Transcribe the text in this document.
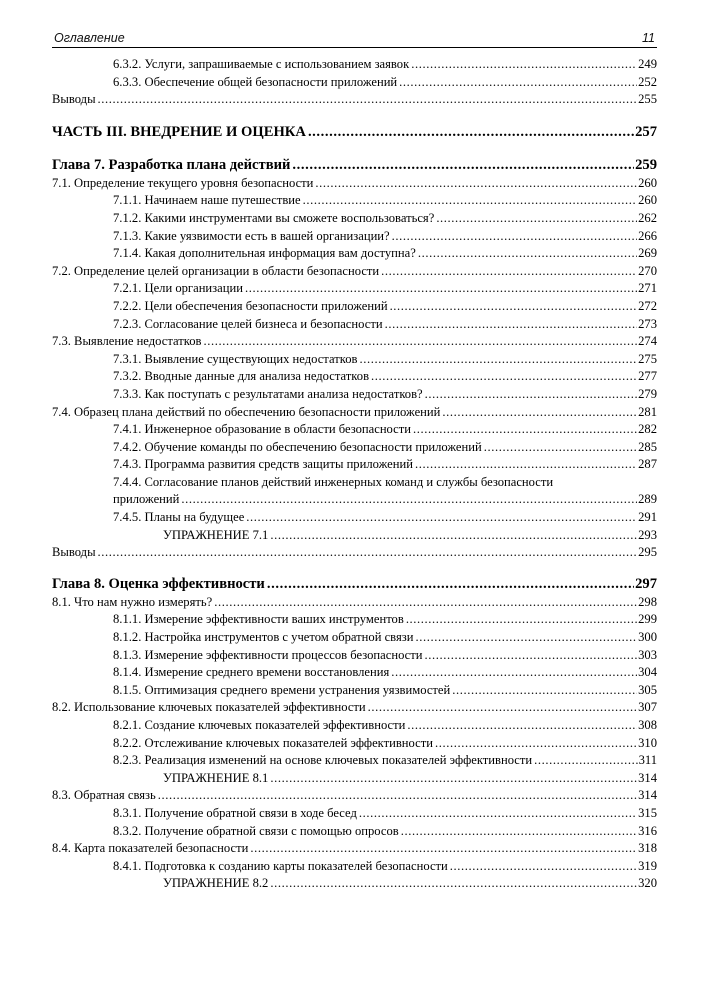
Оглавление	11
6.3.2. Услуги, запрашиваемые с использованием заявок .....	249
6.3.3. Обеспечение общей безопасности приложений .....	252
Выводы .....	255
ЧАСТЬ III. ВНЕДРЕНИЕ И ОЦЕНКА .....	257
Глава 7. Разработка плана действий .....	259
7.1. Определение текущего уровня безопасности .....	260
7.1.1. Начинаем наше путешествие .....	260
7.1.2. Какими инструментами вы сможете воспользоваться? .....	262
7.1.3. Какие уязвимости есть в вашей организации? .....	266
7.1.4. Какая дополнительная информация вам доступна? .....	269
7.2. Определение целей организации в области безопасности .....	270
7.2.1. Цели организации .....	271
7.2.2. Цели обеспечения безопасности приложений .....	272
7.2.3. Согласование целей бизнеса и безопасности .....	273
7.3. Выявление недостатков .....	274
7.3.1. Выявление существующих недостатков .....	275
7.3.2. Вводные данные для анализа недостатков .....	277
7.3.3. Как поступать с результатами анализа недостатков? .....	279
7.4. Образец плана действий по обеспечению безопасности приложений .....	281
7.4.1. Инженерное образование в области безопасности .....	282
7.4.2. Обучение команды по обеспечению безопасности приложений .....	285
7.4.3. Программа развития средств защиты приложений .....	287
7.4.4. Согласование планов действий инженерных команд и службы безопасности
приложений .....	289
7.4.5. Планы на будущее .....	291
УПРАЖНЕНИЕ 7.1 .....	293
Выводы .....	295
Глава 8. Оценка эффективности .....	297
8.1. Что нам нужно измерять? .....	298
8.1.1. Измерение эффективности ваших инструментов .....	299
8.1.2. Настройка инструментов с учетом обратной связи .....	300
8.1.3. Измерение эффективности процессов безопасности .....	303
8.1.4. Измерение среднего времени восстановления .....	304
8.1.5. Оптимизация среднего времени устранения уязвимостей .....	305
8.2. Использование ключевых показателей эффективности .....	307
8.2.1. Создание ключевых показателей эффективности .....	308
8.2.2. Отслеживание ключевых показателей эффективности .....	310
8.2.3. Реализация изменений на основе ключевых показателей эффективности .....	311
УПРАЖНЕНИЕ 8.1 .....	314
8.3. Обратная связь .....	314
8.3.1. Получение обратной связи в ходе бесед .....	315
8.3.2. Получение обратной связи с помощью опросов .....	316
8.4. Карта показателей безопасности .....	318
8.4.1. Подготовка к созданию карты показателей безопасности .....	319
УПРАЖНЕНИЕ 8.2 .....	320
